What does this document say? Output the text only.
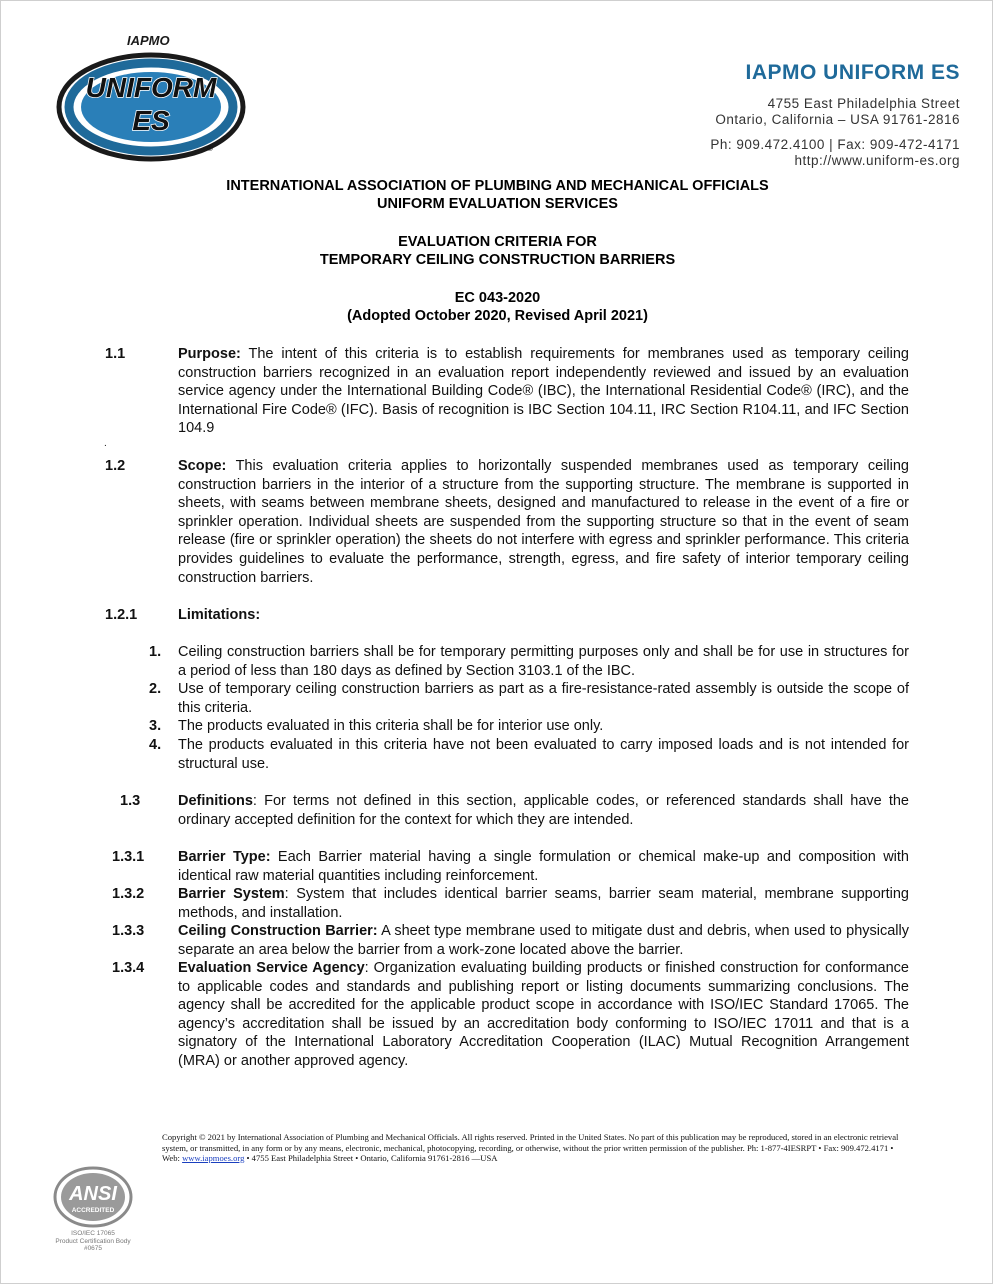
IAPMO
UNIFORM
ES
®
IAPMO UNIFORM ES
4755 East Philadelphia Street
Ontario, California – USA 91761-2816
Ph: 909.472.4100 | Fax: 909-472-4171
http://www.uniform-es.org
INTERNATIONAL ASSOCIATION OF PLUMBING AND MECHANICAL OFFICIALS
UNIFORM EVALUATION SERVICES
EVALUATION CRITERIA FOR
TEMPORARY CEILING CONSTRUCTION BARRIERS
EC 043-2020
(Adopted October 2020, Revised April 2021)
1.1	Purpose: The intent of this criteria is to establish requirements for membranes used as temporary ceiling construction barriers recognized in an evaluation report independently reviewed and issued by an evaluation service agency under the International Building Code® (IBC), the International Residential Code® (IRC), and the International Fire Code® (IFC). Basis of recognition is IBC Section 104.11, IRC Section R104.11, and IFC Section 104.9
.
1.2	Scope: This evaluation criteria applies to horizontally suspended membranes used as temporary ceiling construction barriers in the interior of a structure from the supporting structure. The membrane is supported in sheets, with seams between membrane sheets, designed and manufactured to release in the event of a fire or sprinkler operation. Individual sheets are suspended from the supporting structure so that in the event of seam release (fire or sprinkler operation) the sheets do not interfere with egress and sprinkler performance. This criteria provides guidelines to evaluate the performance, strength, egress, and fire safety of interior temporary ceiling construction barriers.
1.2.1	Limitations:
1. Ceiling construction barriers shall be for temporary permitting purposes only and shall be for use in structures for a period of less than 180 days as defined by Section 3103.1 of the IBC.
2. Use of temporary ceiling construction barriers as part as a fire-resistance-rated assembly is outside the scope of this criteria.
3. The products evaluated in this criteria shall be for interior use only.
4. The products evaluated in this criteria have not been evaluated to carry imposed loads and is not intended for structural use.
1.3	Definitions: For terms not defined in this section, applicable codes, or referenced standards shall have the ordinary accepted definition for the context for which they are intended.
1.3.1 Barrier Type: Each Barrier material having a single formulation or chemical make-up and composition with identical raw material quantities including reinforcement.
1.3.2 Barrier System: System that includes identical barrier seams, barrier seam material, membrane supporting methods, and installation.
1.3.3 Ceiling Construction Barrier: A sheet type membrane used to mitigate dust and debris, when used to physically separate an area below the barrier from a work-zone located above the barrier.
1.3.4 Evaluation Service Agency: Organization evaluating building products or finished construction for conformance to applicable codes and standards and publishing report or listing documents summarizing conclusions. The agency shall be accredited for the applicable product scope in accordance with ISO/IEC Standard 17065. The agency’s accreditation shall be issued by an accreditation body conforming to ISO/IEC 17011 and that is a signatory of the International Laboratory Accreditation Cooperation (ILAC) Mutual Recognition Arrangement (MRA) or another approved agency.
Copyright © 2021 by International Association of Plumbing and Mechanical Officials. All rights reserved. Printed in the United States. No part of this publication may be reproduced, stored in an electronic retrieval system, or transmitted, in any form or by any means, electronic, mechanical, photocopying, recording, or otherwise, without the prior written permission of the publisher. Ph: 1-877-4IESRPT • Fax: 909.472.4171 • Web: www.iapmoes.org • 4755 East Philadelphia Street • Ontario, California 91761-2816 —USA
ANSI
ACCREDITED
ISO/IEC 17065
Product Certification Body
#0675
